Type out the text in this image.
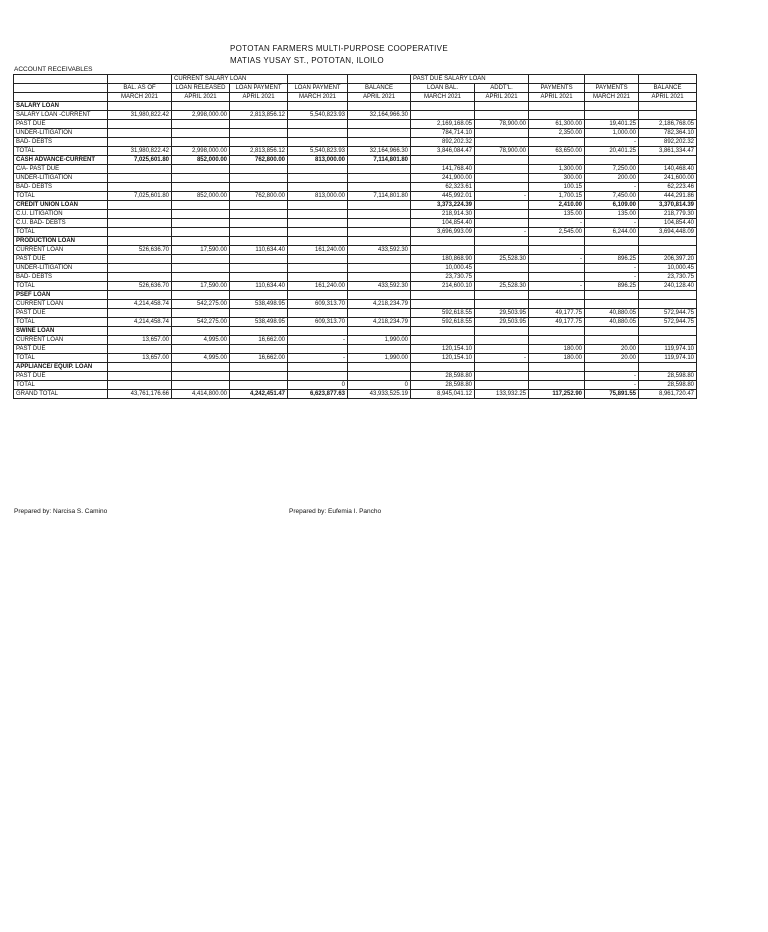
POTOTAN FARMERS MULTI-PURPOSE COOPERATIVE
MATIAS YUSAY ST., POTOTAN, ILOILO
ACCOUNT RECEIVABLES
		CURRENT SALARY LOAN				PAST DUE SALARY LOAN				
	BAL. AS OF	LOAN RELEASED	LOAN PAYMENT	LOAN PAYMENT	BALANCE	LOAN BAL.	ADDT'L.	PAYMENTS	PAYMENTS	BALANCE
	MARCH 2021	APRIL 2021	APRIL 2021	MARCH 2021	APRIL 2021	MARCH 2021	APRIL 2021	APRIL 2021	MARCH 2021	APRIL 2021
SALARY LOAN										
SALARY LOAN -CURRENT	31,980,822.42	2,998,000.00	2,813,856.12	5,540,823.93	32,164,966.30					
PAST DUE						2,169,168.05	78,900.00	61,300.00	19,401.25	2,186,768.05
UNDER-LITIGATION						784,714.10		2,350.00	1,000.00	782,364.10
BAD- DEBTS						892,202.32			-	892,202.32
TOTAL	31,980,822.42	2,998,000.00	2,813,856.12	5,540,823.93	32,164,966.30	3,846,084.47	78,900.00	63,650.00	20,401.25	3,861,334.47
CASH ADVANCE-CURRENT	7,025,601.80	852,000.00	762,800.00	813,000.00	7,114,801.80					
C/A- PAST DUE						141,768.40		1,300.00	7,250.00	140,468.40
UNDER-LITIGATION						241,900.00		300.00	200.00	241,600.00
BAD- DEBTS						62,323.61		100.15	-	62,223.46
TOTAL	7,025,601.80	852,000.00	762,800.00	813,000.00	7,114,801.80	445,992.01	-	1,700.15	7,450.00	444,291.86
CREDIT UNION LOAN						3,373,224.39		2,410.00	6,109.00	3,370,814.39
C.U. LITIGATION						218,914.30		135.00	135.00	218,779.30
C.U. BAD- DEBTS						104,854.40		-	-	104,854.40
TOTAL						3,696,993.09	-	2,545.00	6,244.00	3,694,448.09
PRODUCTION LOAN										
CURRENT LOAN	526,636.70	17,590.00	110,634.40	161,240.00	433,592.30					
PAST DUE						180,868.90	25,528.30	-	896.25	206,397.20
UNDER-LITIGATION						10,000.45			-	10,000.45
BAD- DEBTS						23,730.75			-	23,730.75
TOTAL	526,636.70	17,590.00	110,634.40	161,240.00	433,592.30	214,600.10	25,528.30	-	896.25	240,128.40
PSEF LOAN										
CURRENT LOAN	4,214,458.74	542,275.00	538,498.95	609,313.70	4,218,234.79					
PAST DUE						592,618.55	29,503.95	49,177.75	40,880.05	572,944.75
TOTAL	4,214,458.74	542,275.00	538,498.95	609,313.70	4,218,234.79	592,618.55	29,503.95	49,177.75	40,880.05	572,944.75
SWINE LOAN										
CURRENT LOAN	13,657.00	4,995.00	16,662.00	-	1,990.00					
PAST DUE						120,154.10		180.00	20.00	119,974.10
TOTAL	13,657.00	4,995.00	16,662.00	-	1,990.00	120,154.10	-	180.00	20.00	119,974.10
APPLIANCE/ EQUIP. LOAN										
PAST DUE						28,598.80			-	28,598.80
TOTAL				0	0	28,598.80			-	28,598.80
GRAND TOTAL	43,761,176.66	4,414,800.00	4,242,451.47	6,623,877.63	43,933,525.19	8,945,041.12	133,932.25	117,252.90	75,891.55	8,961,720.47
Prepared by: Narcisa S. Camino	Prepared by: Eufemia I. Pancho
